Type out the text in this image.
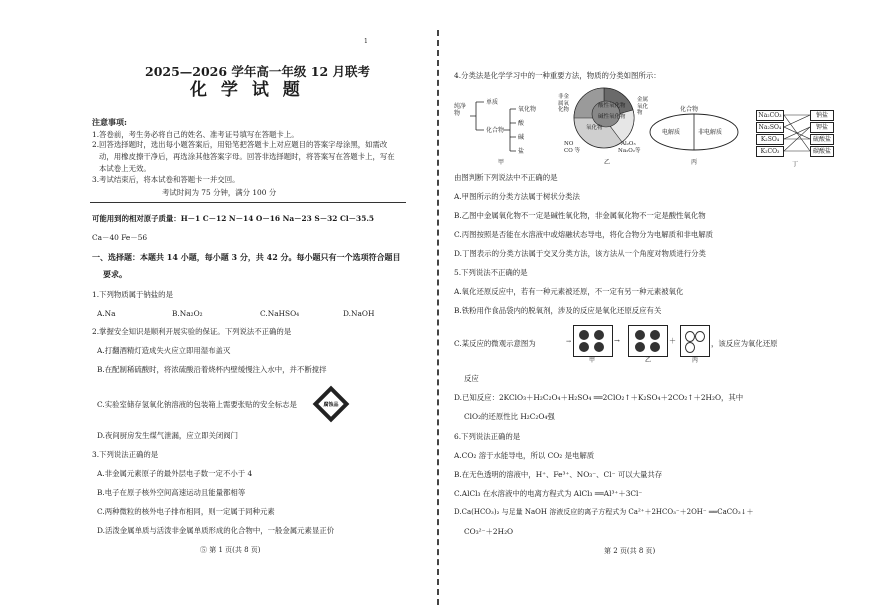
1
2025—2026 学年高一年级 12 月联考
化 学 试 题
注意事项:
1.答卷前，考生务必将自己的姓名、准考证号填写在答题卡上。
2.回答选择题时，选出每小题答案后，用铅笔把答题卡上对应题目的答案字母涂黑，如需改
动，用橡皮擦干净后，再选涂其他答案字母。回答非选择题时，将答案写在答题卡上，写在
本试卷上无效。
3.考试结束后，将本试卷和答题卡一并交回。
考试时间为 75 分钟，满分 100 分
可能用到的相对原子质量：H－1 C－12 N－14 O－16 Na－23 S－32 Cl－35.5
Ca－40 Fe－56
一、选择题：本题共 14 小题，每小题 3 分，共 42 分。每小题只有一个选项符合题目
要求。
1.下列物质属于钠盐的是
A.Na	B.Na₂O₂	C.NaHSO₄	D.NaOH
2.掌握安全知识是顺利开展实验的保证。下列说法不正确的是
A.打翻酒精灯造成失火应立即用湿布盖灭
B.在配制稀硫酸时，将浓硫酸沿着烧杯内壁缓慢注入水中，并不断搅拌
C.实验室储存氢氧化钠溶液的包装箱上需要张贴的安全标志是	腐蚀品
D.夜间厨房发生煤气泄漏，应立即关闭阀门
3.下列说法正确的是
A.非金属元素原子的最外层电子数一定不小于 4
B.电子在原子核外空间高速运动且能量都相等
C.两种微粒的核外电子排布相同，则一定属于同种元素
D.活泼金属单质与活泼非金属单质形成的化合物中，一般金属元素显正价
⑤ 第 1 页(共 8 页)
4.分类法是化学学习中的一种重要方法，物质的分类如图所示：
纯净物
单质
化合物
氧化物
酸
碱
盐
甲
非金属氧化物
酸性氧化物
碱性氧化物
金属氧化物
氧化物
NO
CO 等
Al₂O₃
Na₂O₂等
乙
化合物
电解质	非电解质
丙
Na₂CO₃
Na₂SO₄
K₂SO₄
K₂CO₃
钠盐
钾盐
硫酸盐
碳酸盐
丁
由图判断下列说法中不正确的是
A.甲图所示的分类方法属于树状分类法
B.乙图中金属氧化物不一定是碱性氧化物，非金属氧化物不一定是酸性氧化物
C.丙图按照是否能在水溶液中或熔融状态导电，将化合物分为电解质和非电解质
D.丁图表示的分类方法属于交叉分类方法，该方法从一个角度对物质进行分类
5.下列说法不正确的是
A.氧化还原反应中，若有一种元素被还原，不一定有另一种元素被氧化
B.铁粉用作食品袋内的脱氧剂，涉及的反应是氧化还原反应有关
C.某反应的微观示意图为	→	→	＋
甲	乙	丙
，该反应为氧化还原
反应
D.已知反应：2KClO₃＋H₂C₂O₄＋H₂SO₄ ══2ClO₂↑＋K₂SO₄＋2CO₂↑＋2H₂O，其中
ClO₂的还原性比 H₂C₂O₄强
6.下列说法正确的是
A.CO₂ 溶于水能导电，所以 CO₂ 是电解质
B.在无色透明的溶液中，H⁺、Fe³⁺、NO₃⁻、Cl⁻ 可以大量共存
C.AlCl₃ 在水溶液中的电离方程式为 AlCl₃ ══Al³⁺＋3Cl⁻
D.Ca(HCO₃)₂ 与足量 NaOH 溶液反应的离子方程式为 Ca²⁺＋2HCO₃⁻＋2OH⁻ ══CaCO₃↓＋
CO₃²⁻＋2H₂O
第 2 页(共 8 页)
